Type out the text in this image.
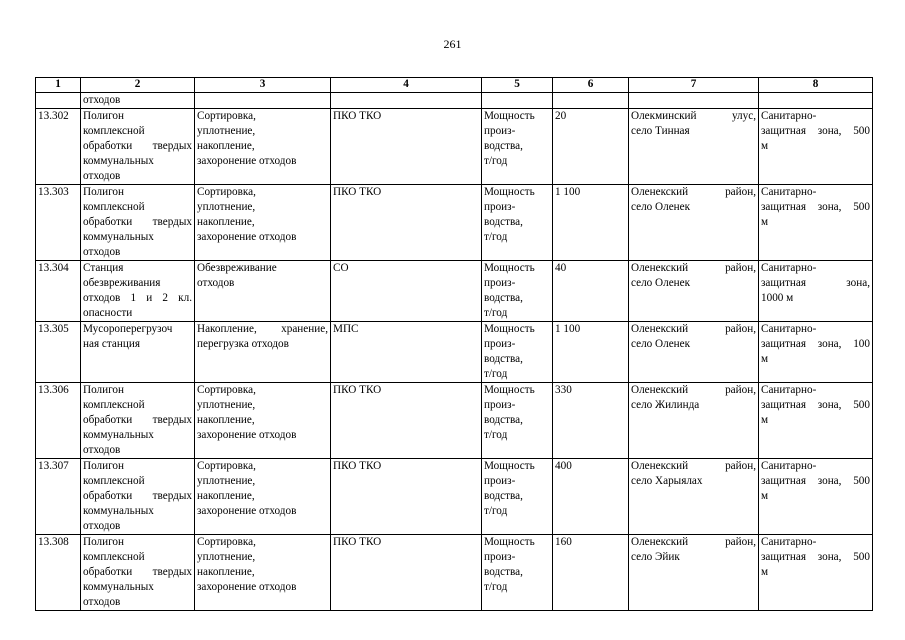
261
1	2	3	4	5	6	7	8
	отходов						
13.302	Полигон
комплексной
обработки твердых
коммунальных
отходов	Сортировка,
уплотнение,
накопление,
захоронение отходов	ПКО ТКО	Мощность
произ-
водства,
т/год	20	Олекминский улус,
село Тинная	Санитарно-
защитная зона, 500
м

13.303	Полигон
комплексной
обработки твердых
коммунальных
отходов	Сортировка,
уплотнение,
накопление,
захоронение отходов	ПКО ТКО	Мощность
произ-
водства,
т/год	1 100	Оленекский район,
село Оленек	Санитарно-
защитная зона, 500
м

13.304	Станция
обезвреживания
отходов 1 и 2 кл.
опасности	Обезвреживание
отходов	СО	Мощность
произ-
водства,
т/год	40	Оленекский район,
село Оленек	Санитарно-
защитная зона,
1000 м

13.305	Мусороперегрузоч
ная станция	Накопление, хранение,
перегрузка отходов	МПС	Мощность
произ-
водства,
т/год	1 100	Оленекский район,
село Оленек	Санитарно-
защитная зона, 100
м

13.306	Полигон
комплексной
обработки твердых
коммунальных
отходов	Сортировка,
уплотнение,
накопление,
захоронение отходов	ПКО ТКО	Мощность
произ-
водства,
т/год	330	Оленекский район,
село Жилинда	Санитарно-
защитная зона, 500
м

13.307	Полигон
комплексной
обработки твердых
коммунальных
отходов	Сортировка,
уплотнение,
накопление,
захоронение отходов	ПКО ТКО	Мощность
произ-
водства,
т/год	400	Оленекский район,
село Харыялах	Санитарно-
защитная зона, 500
м

13.308	Полигон
комплексной
обработки твердых
коммунальных
отходов	Сортировка,
уплотнение,
накопление,
захоронение отходов	ПКО ТКО	Мощность
произ-
водства,
т/год	160	Оленекский район,
село Эйик	Санитарно-
защитная зона, 500
м
